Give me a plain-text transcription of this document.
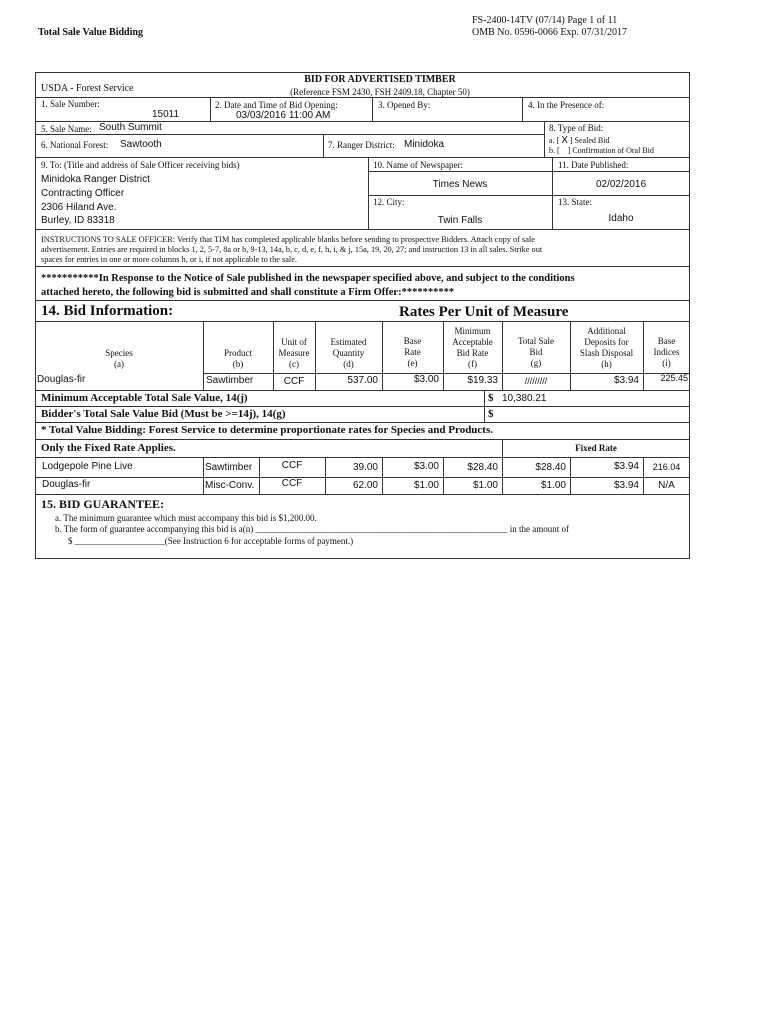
Total Sale Value Bidding
FS-2400-14TV (07/14) Page 1 of 11
OMB No. 0596-0066 Exp. 07/31/2017
BID FOR ADVERTISED TIMBER
(Reference FSM 2430, FSH 2409.18, Chapter 50)
USDA - Forest Service
1. Sale Number:
15011
2. Date and Time of Bid Opening:
03/03/2016 11:00 AM
3. Opened By:	4. In the Presence of:
5. Sale Name: South Summit	8. Type of Bid:
a. [ X ] Sealed Bid
b. [ ] Confirmation of Oral Bid
6. National Forest: Sawtooth	7. Ranger District: Minidoka
9. To: (Title and address of Sale Officer receiving bids)
Minidoka Ranger District
Contracting Officer
2306 Hiland Ave.
Burley, ID 83318
10. Name of Newspaper:
Times News
11. Date Published:
02/02/2016
12. City:
Twin Falls
13. State:
Idaho
INSTRUCTIONS TO SALE OFFICER: Verify that TIM has completed applicable blanks before sending to prospective Bidders. Attach copy of sale
advertisement. Entries are required in blocks 1, 2, 5-7, 8a or b, 9-13, 14a, b, c, d, e, f, h, i, & j, 15a, 19, 20, 27; and instruction 13 in all sales. Strike out
spaces for entries in one or more columns h, or i, if not applicable to the sale.
***********In Response to the Notice of Sale published in the newspaper specified above, and subject to the conditions
attached hereto, the following bid is submitted and shall constitute a Firm Offer:**********
14. Bid Information:	Rates Per Unit of Measure
Species
(a)
Product
(b)
Unit of
Measure
(c)
Estimated
Quantity
(d)
Base
Rate
(e)
Minimum
Acceptable
Bid Rate
(f)
Total Sale
Bid
(g)
Additional
Deposits for
Slash Disposal
(h)
Base
Indices
(i)
Douglas-fir	Sawtimber	CCF	537.00	$3.00	$19.33	/////////	$3.94	225.45
Minimum Acceptable Total Sale Value, 14(j)	$ 10,380.21
Bidder's Total Sale Value Bid (Must be >=14j), 14(g)	$
* Total Value Bidding: Forest Service to determine proportionate rates for Species and Products.
Only the Fixed Rate Applies.	Fixed Rate
Lodgepole Pine Live	Sawtimber	CCF	39.00	$3.00	$28.40	$28.40	$3.94	216.04
Douglas-fir	Misc-Conv.	CCF	62.00	$1.00	$1.00	$1.00	$3.94	N/A
15. BID GUARANTEE:
a. The minimum guarantee which must accompany this bid is $1,200.00.
b. The form of guarantee accompanying this bid is a(n) ________________________________________________________ in the amount of
$ ____________________(See Instruction 6 for acceptable forms of payment.)
